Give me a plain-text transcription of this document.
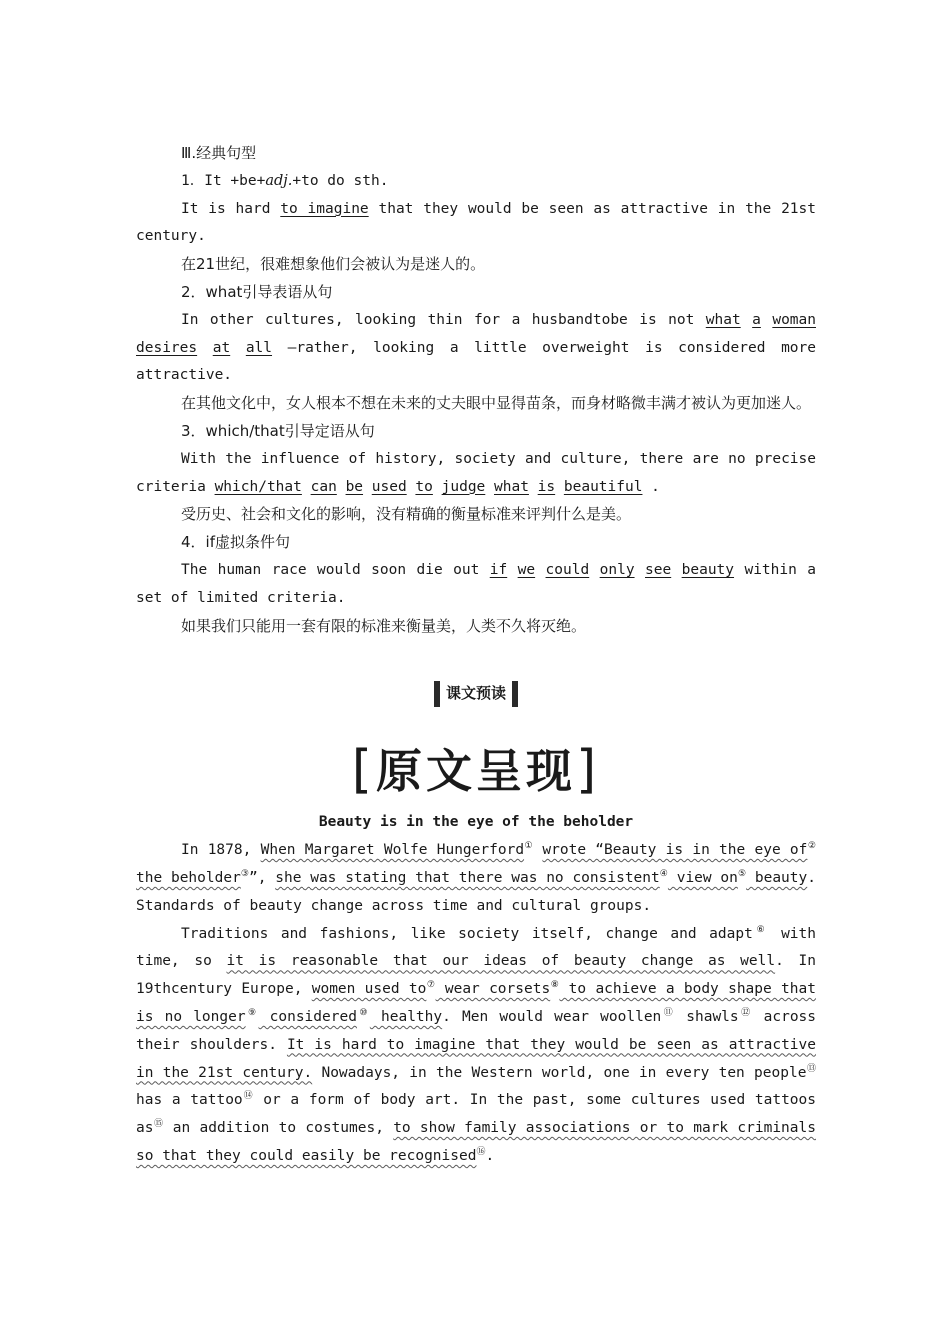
Ⅲ.经典句型

1．It +be+adj.+to do sth.

It is hard to imagine that they would be seen as attractive in the 21st century.

在21世纪，很难想象他们会被认为是迷人的。

2．what引导表语从句

In other cultures, looking thin for a husbandtobe is not what a woman desires at all —rather, looking a little overweight is considered more attractive.

在其他文化中，女人根本不想在未来的丈夫眼中显得苗条，而身材略微丰满才被认为更加迷人。

3．which/that引导定语从句

With the influence of history, society and culture, there are no precise criteria which/that can be used to judge what is beautiful .

受历史、社会和文化的影响，没有精确的衡量标准来评判什么是美。

4．if虚拟条件句

The human race would soon die out if we could only see beauty within a set of limited criteria.

如果我们只能用一套有限的标准来衡量美，人类不久将灭绝。

课文预读
[原文呈现]

Beauty is in the eye of the beholder

In 1878, When Margaret Wolfe Hungerford① wrote “Beauty is in the eye of② the beholder③”, she was stating that there was no consistent④ view on⑤ beauty. Standards of beauty change across time and cultural groups.

Traditions and fashions, like society itself, change and adapt⑥ with time, so it is reasonable that our ideas of beauty change as well. In 19thcentury Europe, women used to⑦ wear corsets⑧ to achieve a body shape that is no longer⑨ considered⑩ healthy. Men would wear woollen⑪ shawls⑫ across their shoulders. It is hard to imagine that they would be seen as attractive in the 21st century. Nowadays, in the Western world, one in every ten people⑬ has a tattoo⑭ or a form of body art. In the past, some cultures used tattoos as⑮ an addition to costumes, to show family associations or to mark criminals so that they could easily be recognised⑯.
